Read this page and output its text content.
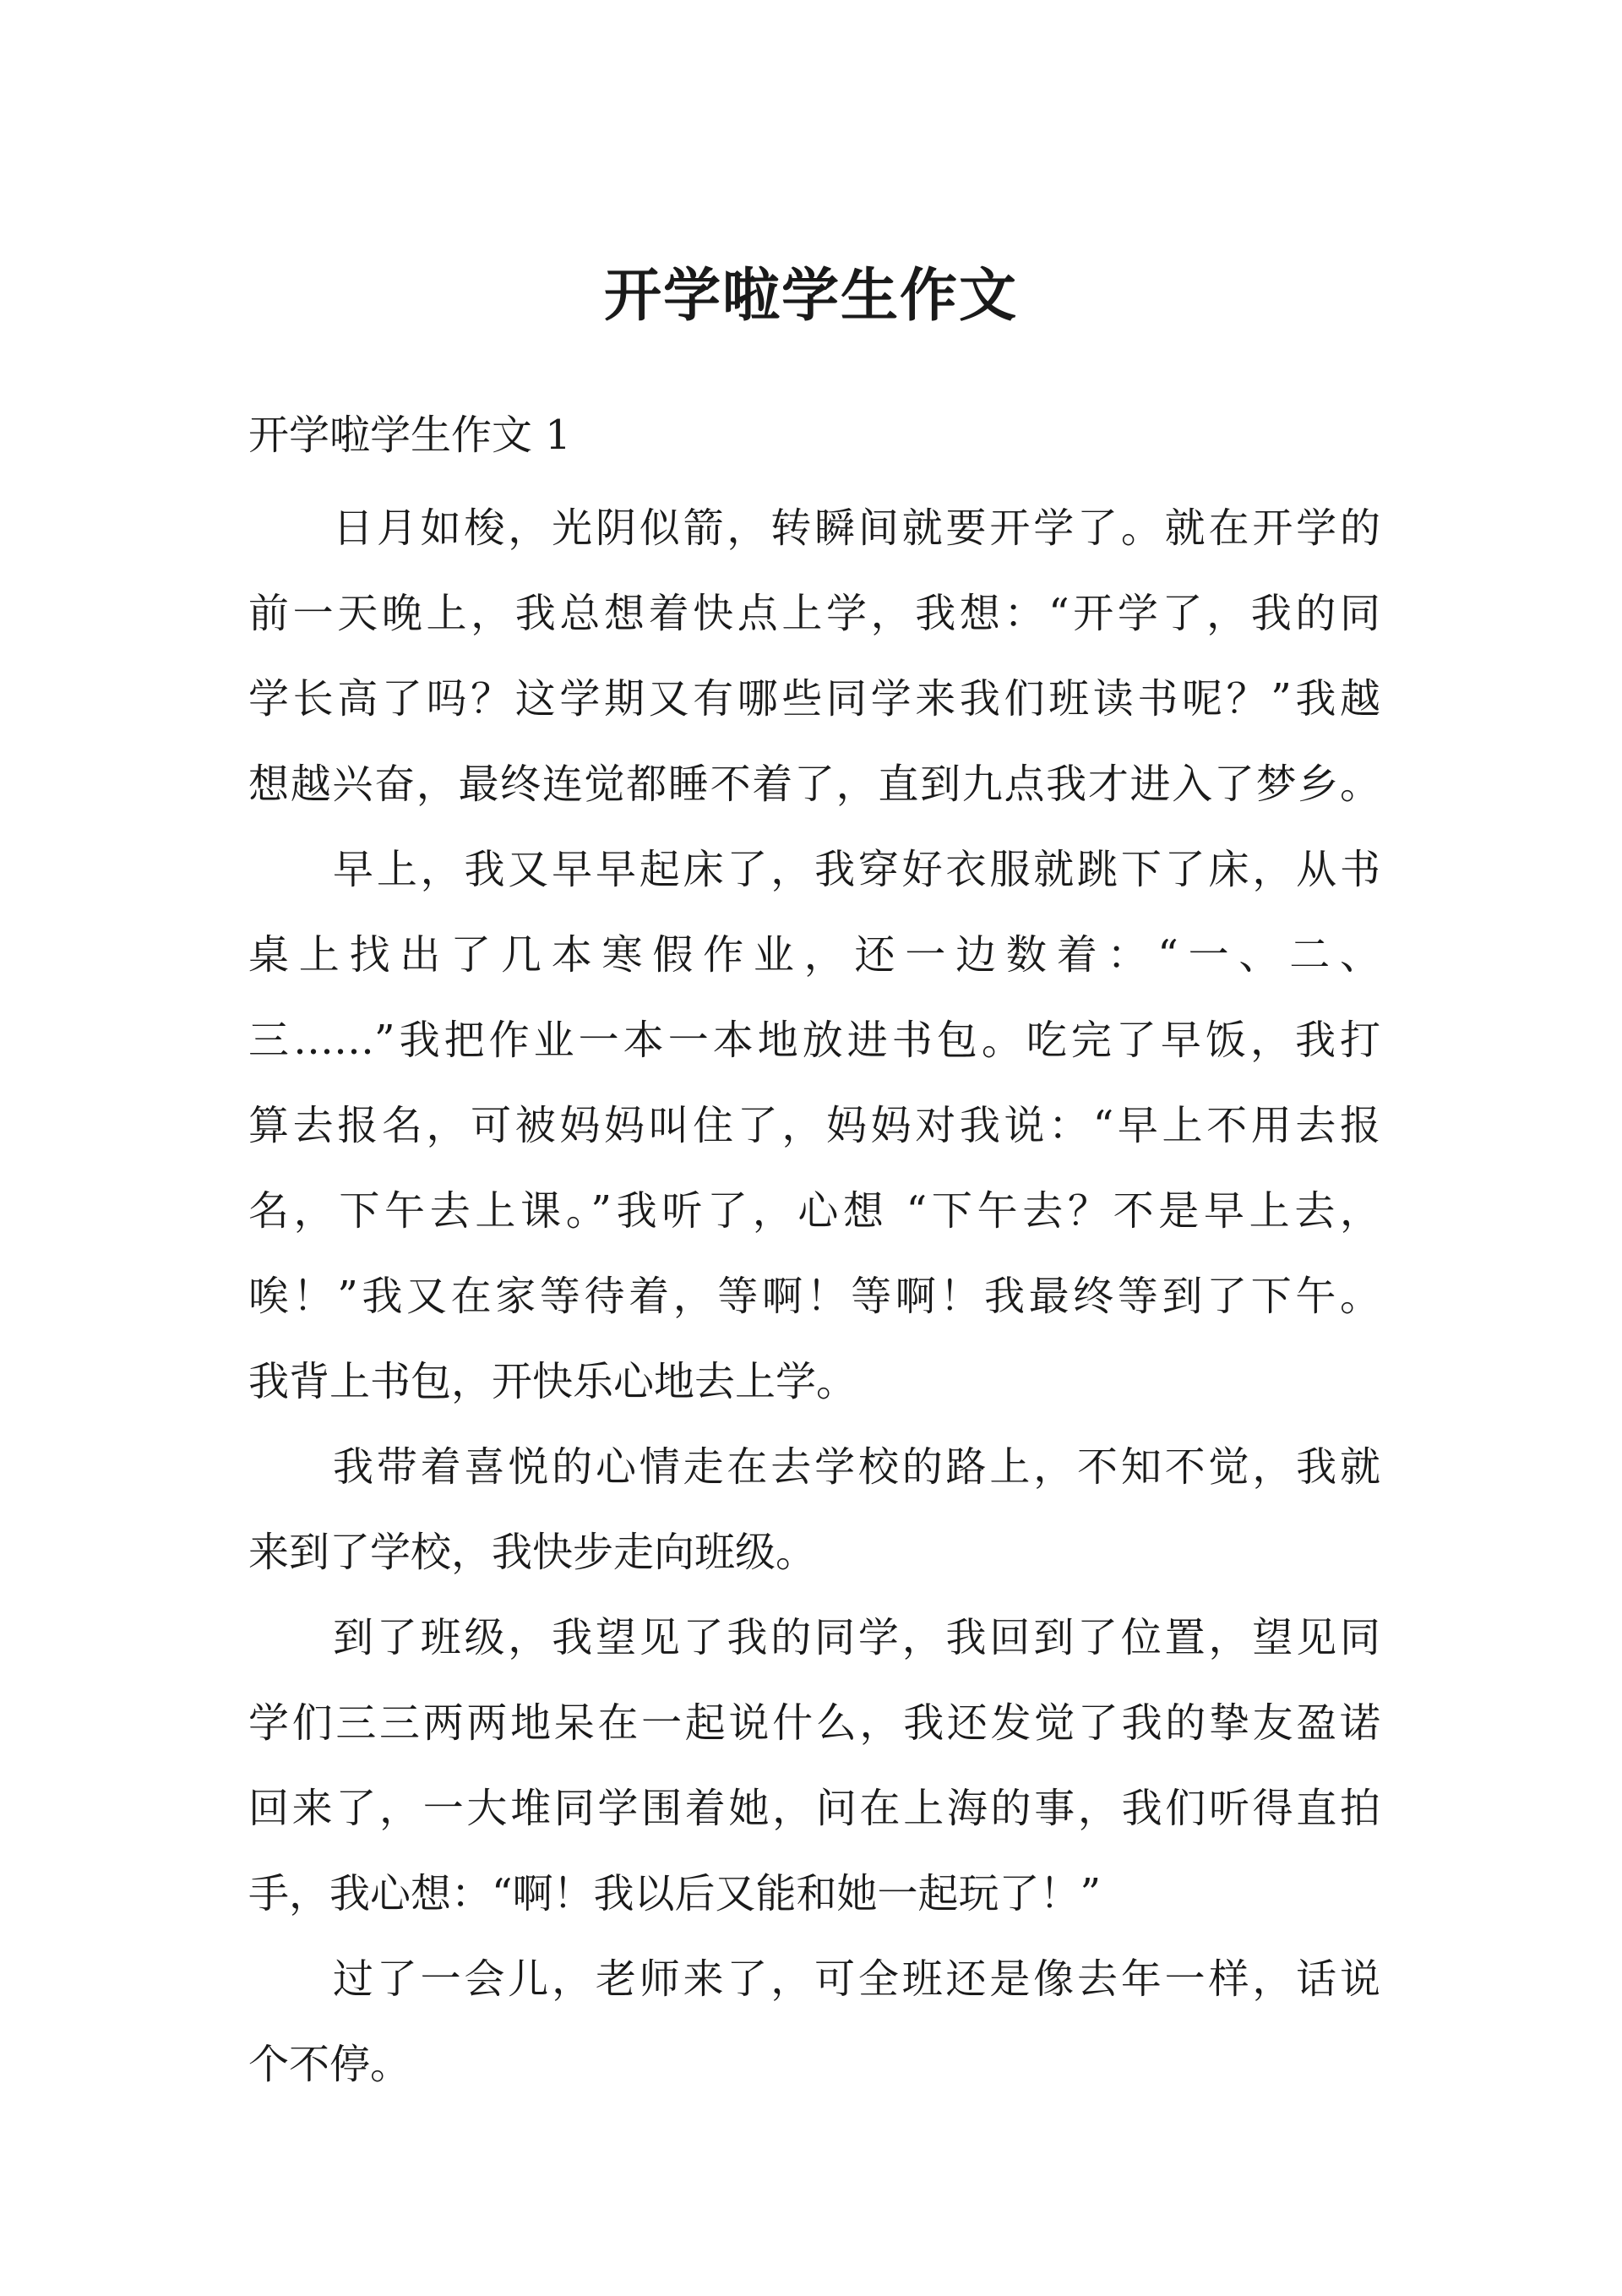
开学啦学生作文
开学啦学生作文 1
日月如梭，光阴似箭，转瞬间就要开学了。就在开学的
前一天晚上，我总想着快点上学，我想：“开学了，我的同
学长高了吗？这学期又有哪些同学来我们班读书呢？”我越
想越兴奋，最终连觉都睡不着了，直到九点我才进入了梦乡。
早上，我又早早起床了，我穿好衣服就跳下了床，从书
桌上找出了几本寒假作业，还一边数着：“一、二、
三……”我把作业一本一本地放进书包。吃完了早饭，我打
算去报名，可被妈妈叫住了，妈妈对我说：“早上不用去报
名，下午去上课。”我听了，心想 “下午去？不是早上去，
唉！”我又在家等待着，等啊！等啊！我最终等到了下午。
我背上书包，开快乐心地去上学。
我带着喜悦的心情走在去学校的路上，不知不觉，我就
来到了学校，我快步走向班级。
到了班级，我望见了我的同学，我回到了位置，望见同
学们三三两两地呆在一起说什么，我还发觉了我的挚友盈诺
回来了，一大堆同学围着她，问在上海的事，我们听得直拍
手，我心想：“啊！我以后又能和她一起玩了！”
过了一会儿，老师来了，可全班还是像去年一样，话说
个不停。
